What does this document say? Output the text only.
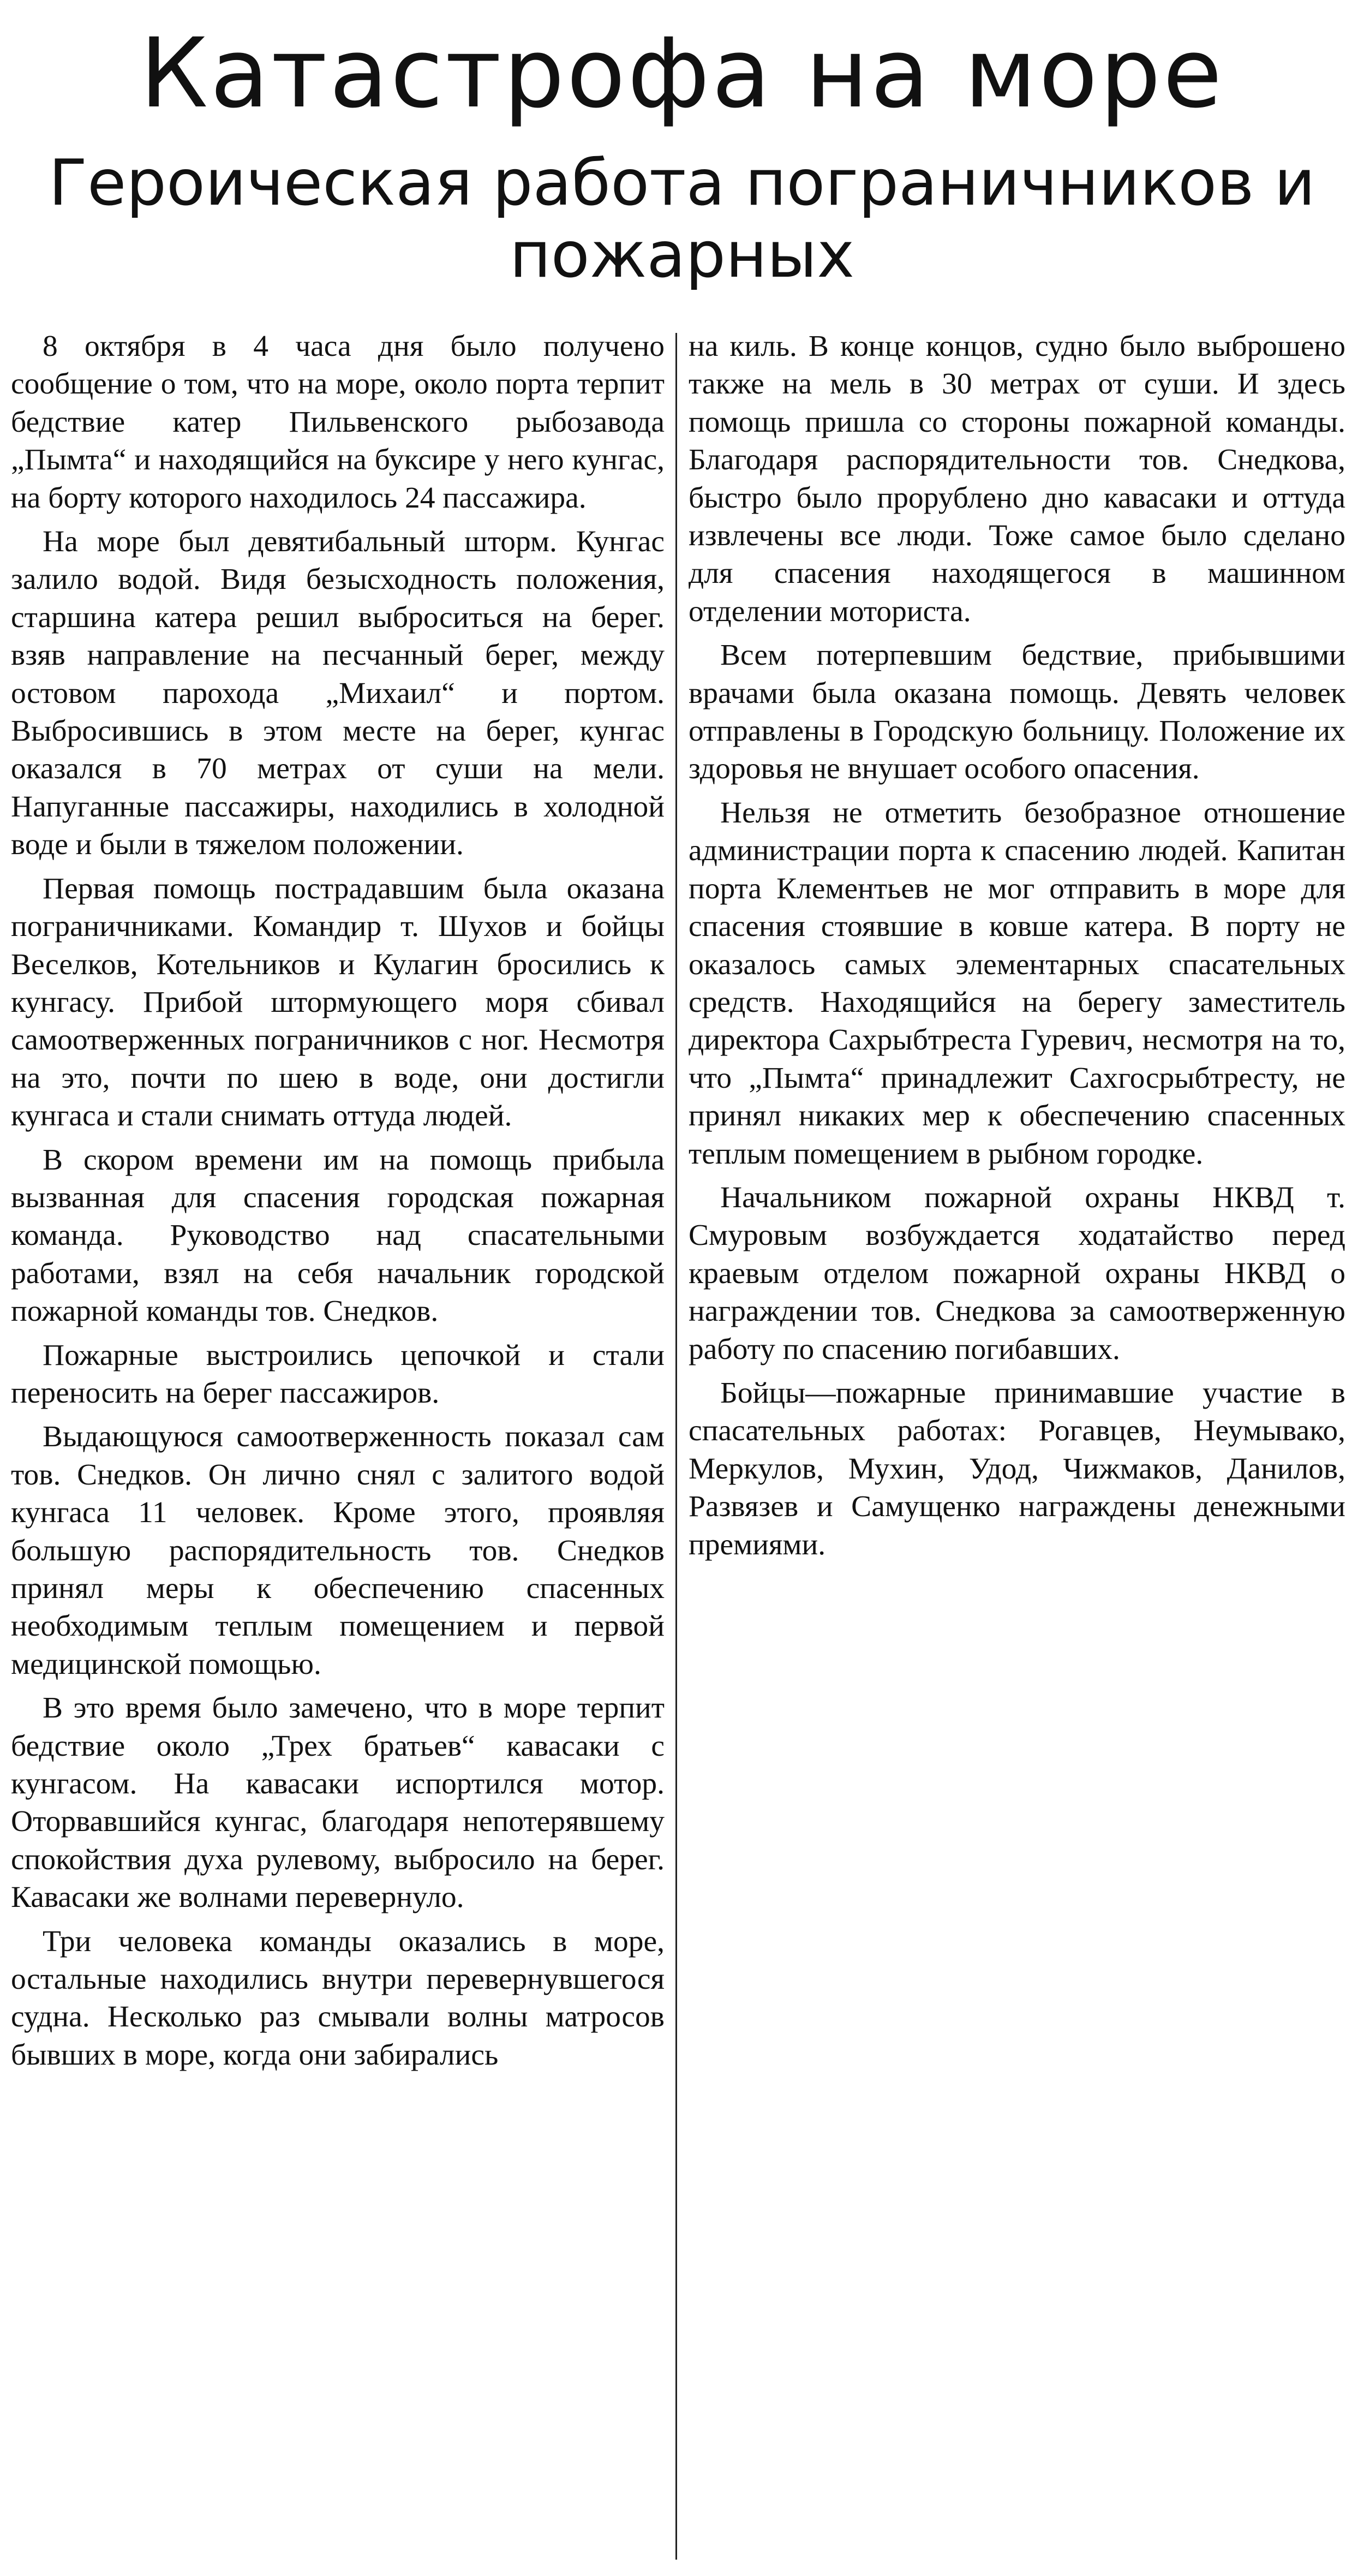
Катастрофа на море
Героическая работа пограничников и пожарных

8 октября в 4 часа дня было получено сообщение о том, что на море, около порта терпит бедствие катер Пильвенского рыбозавода „Пымта“ и находящийся на буксире у него кунгас, на борту которого находилось 24 пассажира.

На море был девятибальный шторм. Кунгас залило водой. Видя безысходность положения, старшина катера решил выброситься на берег. взяв направление на песчанный берег, между остовом парохода „Михаил“ и портом. Выбросившись в этом месте на берег, кунгас оказался в 70 метрах от суши на мели. Напуганные пассажиры, находились в холодной воде и были в тяжелом положении.

Первая помощь пострадавшим была оказана пограничниками. Командир т. Шухов и бойцы Веселков, Котельников и Кулагин бросились к кунгасу. Прибой штормующего моря сбивал самоотверженных пограничников с ног. Несмотря на это, почти по шею в воде, они достигли кунгаса и стали снимать оттуда людей.

В скором времени им на помощь прибыла вызванная для спасения городская пожарная команда. Руководство над спасательными работами, взял на себя начальник городской пожарной команды тов. Снедков.

Пожарные выстроились цепочкой и стали переносить на берег пассажиров.

Выдающуюся самоотверженность показал сам тов. Снедков. Он лично снял с залитого водой кунгаса 11 человек. Кроме этого, проявляя большую распорядительность тов. Снедков принял меры к обеспечению спасенных необходимым теплым помещением и первой медицинской помощью.

В это время было замечено, что в море терпит бедствие около „Трех братьев“ кавасаки с кунгасом. На кавасаки испортился мотор. Оторвавшийся кунгас, благодаря непотерявшему спокойствия духа рулевому, выбросило на берег. Кавасаки же волнами перевернуло.

Три человека команды оказались в море, остальные находились внутри перевернувшегося судна. Несколько раз смывали волны матросов бывших в море, когда они забирались

на киль. В конце концов, судно было выброшено также на мель в 30 метрах от суши. И здесь помощь пришла со стороны пожарной команды. Благодаря распорядительности тов. Снедкова, быстро было прорублено дно кавасаки и оттуда извлечены все люди. Тоже самое было сделано для спасения находящегося в машинном отделении моториста.

Всем потерпевшим бедствие, прибывшими врачами была оказана помощь. Девять человек отправлены в Городскую больницу. Положение их здоровья не внушает особого опасения.

Нельзя не отметить безобразное отношение администрации порта к спасению людей. Капитан порта Клементьев не мог отправить в море для спасения стоявшие в ковше катера. В порту не оказалось самых элементарных спасательных средств. Находящийся на берегу заместитель директора Сахрыбтреста Гуревич, несмотря на то, что „Пымта“ принадлежит Сахгосрыбтресту, не принял никаких мер к обеспечению спасенных теплым помещением в рыбном городке.

Начальником пожарной охраны НКВД т. Смуровым возбуждается ходатайство перед краевым отделом пожарной охраны НКВД о награждении тов. Снедкова за самоотверженную работу по спасению погибавших.

Бойцы—пожарные принимавшие участие в спасательных работах: Рогавцев, Неумывако, Меркулов, Мухин, Удод, Чижмаков, Данилов, Развязев и Самущенко награждены денежными премиями.
